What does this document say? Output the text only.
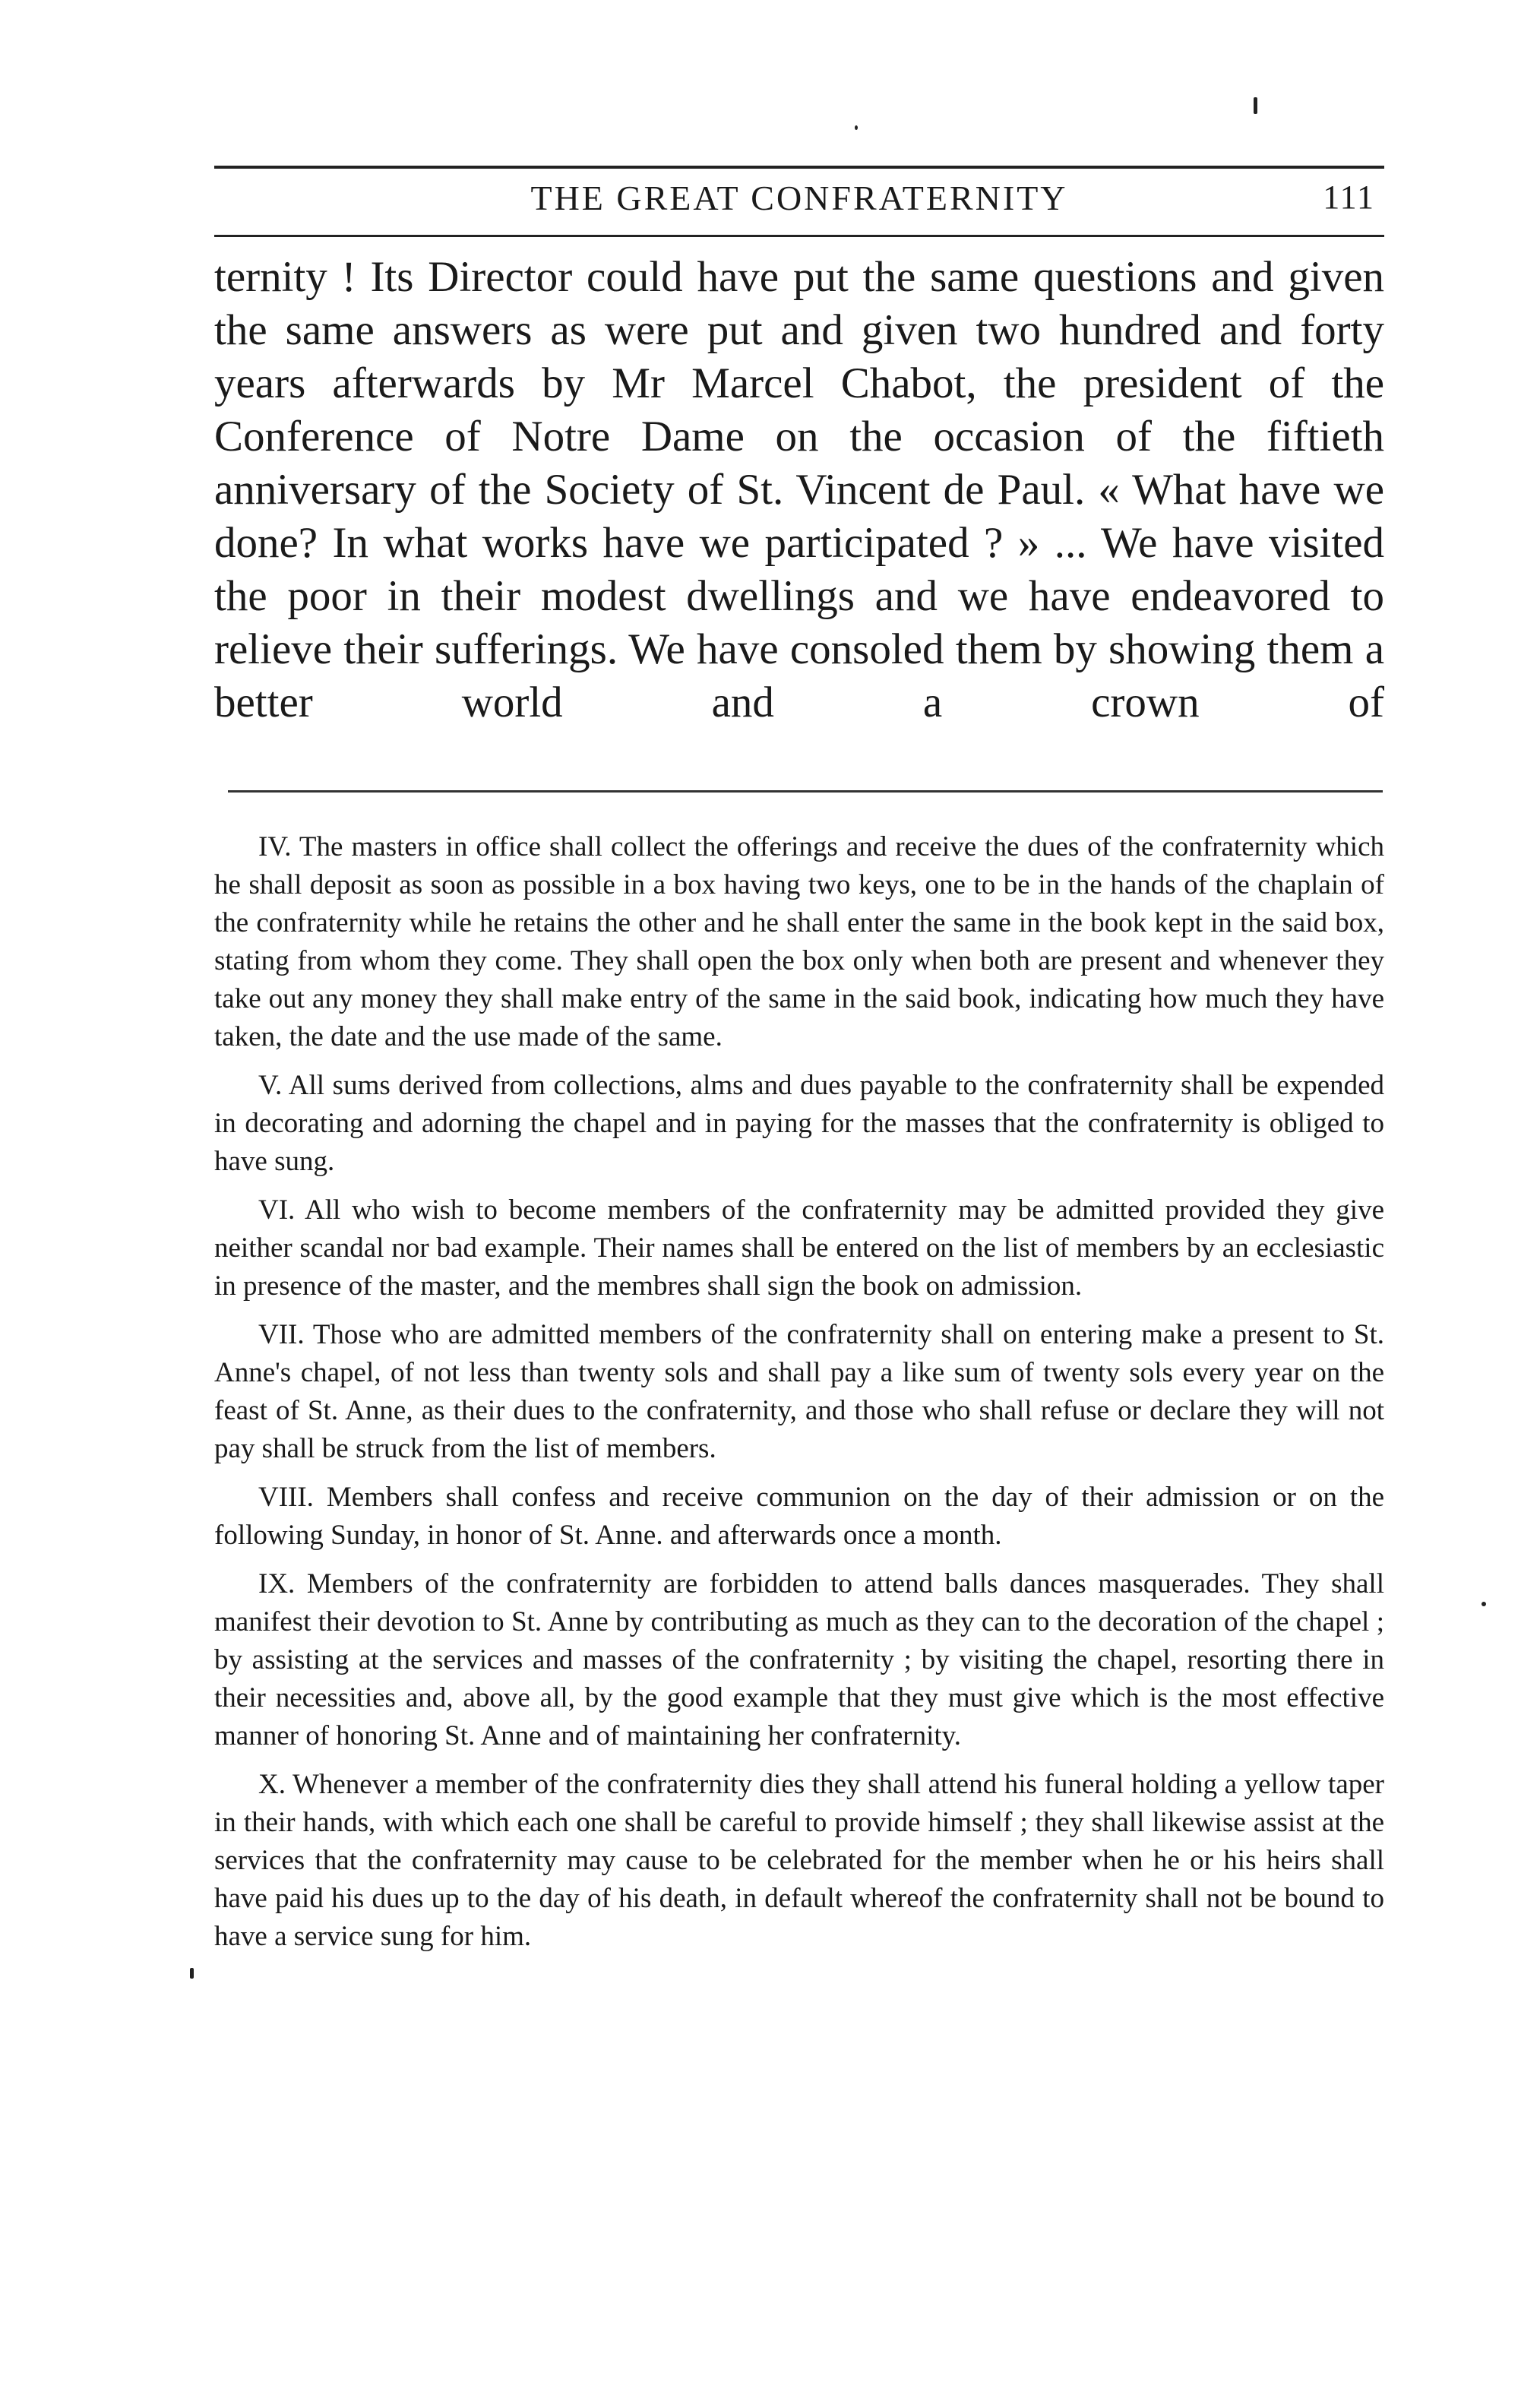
THE GREAT CONFRATERNITY	111

ternity ! Its Director could have put the same questions and given the same answers as were put and given two hundred and forty years afterwards by Mr Marcel Chabot, the president of the Conference of Notre Dame on the occasion of the fiftieth anniversary of the Society of St. Vincent de Paul. « What have we done? In what works have we participated ? » ... We have visited the poor in their modest dwellings and we have endeavored to relieve their sufferings. We have consoled them by showing them a better world and a crown of

IV. The masters in office shall collect the offerings and receive the dues of the confraternity which he shall deposit as soon as possible in a box having two keys, one to be in the hands of the chaplain of the confraternity while he retains the other and he shall enter the same in the book kept in the said box, stating from whom they come. They shall open the box only when both are present and whenever they take out any money they shall make entry of the same in the said book, indicating how much they have taken, the date and the use made of the same.

V. All sums derived from collections, alms and dues payable to the confraternity shall be expended in decorating and adorning the chapel and in paying for the masses that the confraternity is obliged to have sung.

VI. All who wish to become members of the confraternity may be admitted provided they give neither scandal nor bad example. Their names shall be entered on the list of members by an ecclesiastic in presence of the master, and the membres shall sign the book on admission.

VII. Those who are admitted members of the confraternity shall on entering make a present to St. Anne's chapel, of not less than twenty sols and shall pay a like sum of twenty sols every year on the feast of St. Anne, as their dues to the confraternity, and those who shall refuse or declare they will not pay shall be struck from the list of members.

VIII. Members shall confess and receive communion on the day of their admission or on the following Sunday, in honor of St. Anne. and afterwards once a month.

IX. Members of the confraternity are forbidden to attend balls dances masquerades. They shall manifest their devotion to St. Anne by contributing as much as they can to the decoration of the chapel ; by assisting at the services and masses of the confraternity ; by visiting the chapel, resorting there in their necessities and, above all, by the good example that they must give which is the most effective manner of honoring St. Anne and of maintaining her confraternity.

X. Whenever a member of the confraternity dies they shall attend his funeral holding a yellow taper in their hands, with which each one shall be careful to provide himself ; they shall likewise assist at the services that the confraternity may cause to be celebrated for the member when he or his heirs shall have paid his dues up to the day of his death, in default whereof the confraternity shall not be bound to have a service sung for him.
